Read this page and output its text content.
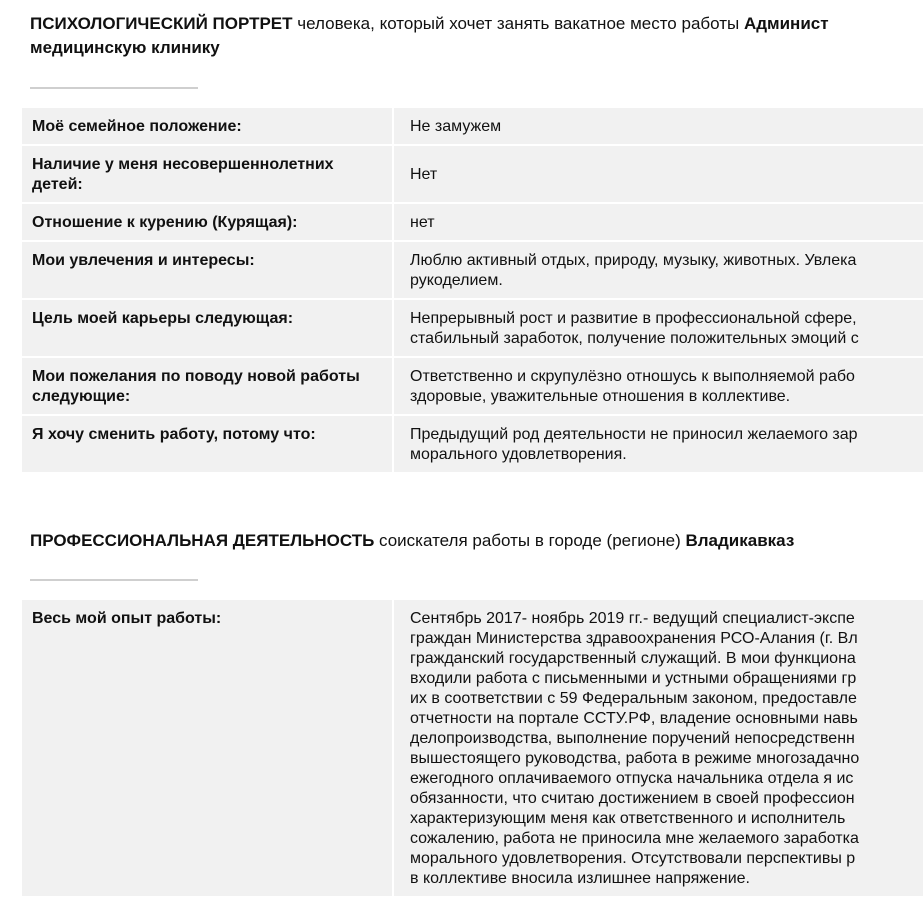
ПСИХОЛОГИЧЕСКИЙ ПОРТРЕТ человека, который хочет занять вакатное место работы Админист
медицинскую клинику
Моё семейное положение:	Не замужем
Наличие у меня несовершеннолетних детей:
Нет
Отношение к курению (Курящая):	нет
Мои увлечения и интересы:	Люблю активный отдых, природу, музыку, животных. Увлека
рукоделием.
Цель моей карьеры следующая:	Непрерывный рост и развитие в профессиональной сфере,
стабильный заработок, получение положительных эмоций с
Мои пожелания по поводу новой работы следующие:
Ответственно и скрупулёзно отношусь к выполняемой рабо
здоровые, уважительные отношения в коллективе.
Я хочу сменить работу, потому что:	Предыдущий род деятельности не приносил желаемого зар
морального удовлетворения.
ПРОФЕССИОНАЛЬНАЯ ДЕЯТЕЛЬНОСТЬ соискателя работы в городе (регионе) Владикавказ
Весь мой опыт работы:	Сентябрь 2017- ноябрь 2019 гг.- ведущий специалист-экспе
граждан Министерства здравоохранения РСО-Алания (г. Вл
гражданский государственный служащий. В мои функциона
входили работа с письменными и устными обращениями гр
их в соответствии с 59 Федеральным законом, предоставле
отчетности на портале ССТУ.РФ, владение основными навь
делопроизводства, выполнение поручений непосредственн
вышестоящего руководства, работа в режиме многозадачно
ежегодного оплачиваемого отпуска начальника отдела я ис
обязанности, что считаю достижением в своей профессион
характеризующим меня как ответственного и исполнитель
сожалению, работа не приносила мне желаемого заработка
морального удовлетворения. Отсутствовали перспективы р
в коллективе вносила излишнее напряжение.
